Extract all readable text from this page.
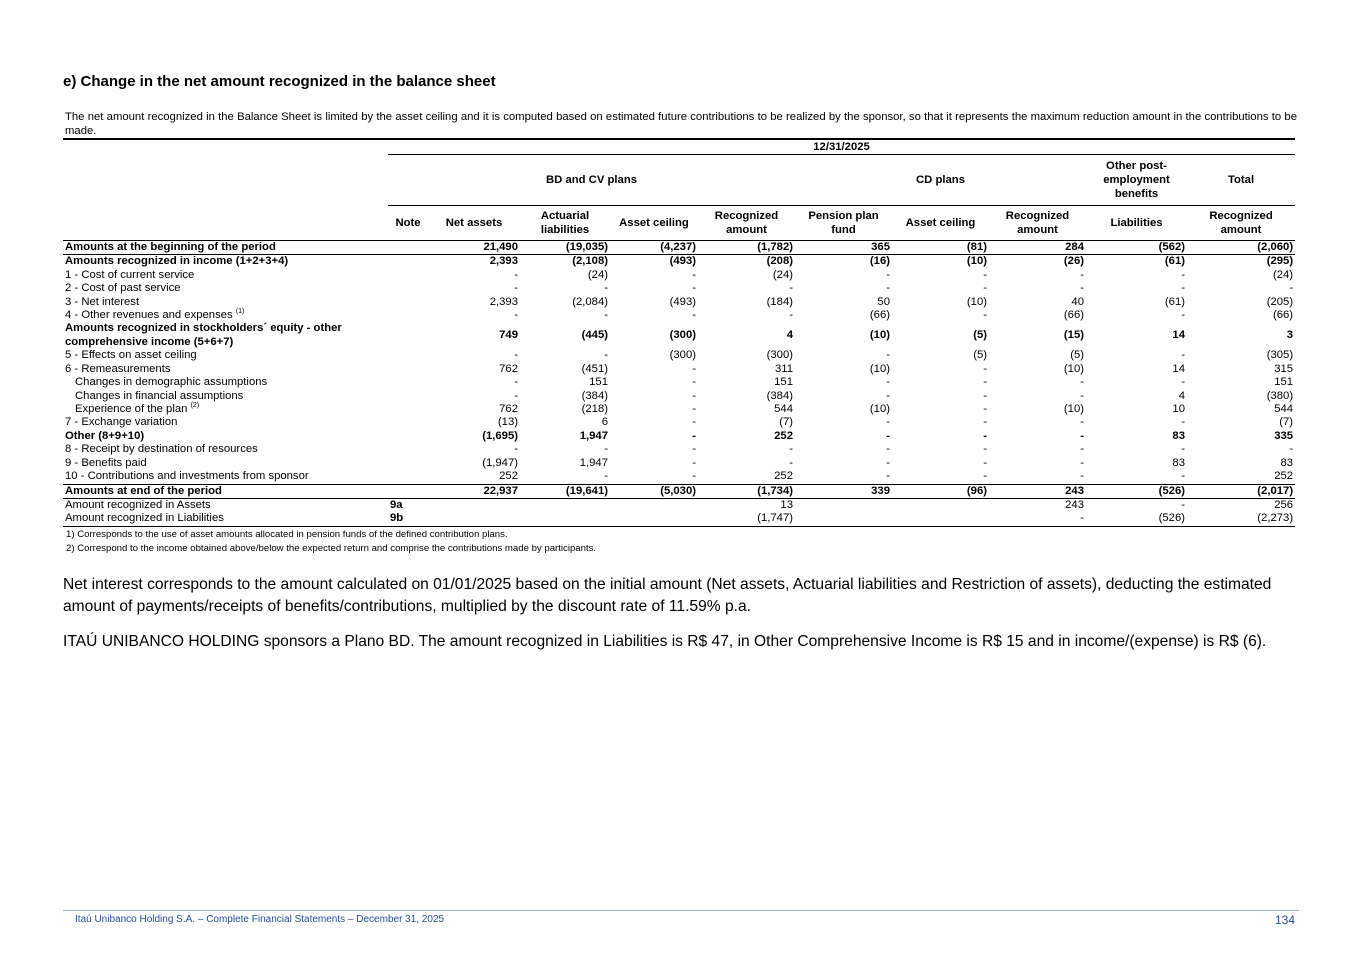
e) Change in the net amount recognized in the balance sheet
The net amount recognized in the Balance Sheet is limited by the asset ceiling and it is computed based on estimated future contributions to be realized by the sponsor, so that it represents the maximum reduction amount in the contributions to be made.
	12/31/2025									
	BD and CV plans					CD plans			Other post-employment benefits	Total
	Note	Net assets	Actuarial liabilities	Asset ceiling	Recognized amount	Pension plan fund	Asset ceiling	Recognized amount	Liabilities	Recognized amount
Amounts at the beginning of the period		21,490	(19,035)	(4,237)	(1,782)	365	(81)	284	(562)	(2,060)
Amounts recognized in income (1+2+3+4)		2,393	(2,108)	(493)	(208)	(16)	(10)	(26)	(61)	(295)
1 - Cost of current service		-	(24)	-	(24)	-	-	-	-	(24)
2 - Cost of past service		-	-	-	-	-	-	-	-	-
3 - Net interest		2,393	(2,084)	(493)	(184)	50	(10)	40	(61)	(205)
4 - Other revenues and expenses $^{(1)}$		-	-	-	-	(66)	-	(66)	-	(66)
Amounts recognized in stockholders´ equity - other comprehensive income (5+6+7)		749	(445)	(300)	4	(10)	(5)	(15)	14	3
5 - Effects on asset ceiling		-	-	(300)	(300)	-	(5)	(5)	-	(305)
6 - Remeasurements		762	(451)	-	311	(10)	-	(10)	14	315
Changes in demographic assumptions		-	151	-	151	-	-	-	-	151
Changes in financial assumptions		-	(384)	-	(384)	-	-	-	4	(380)
Experience of the plan $^{(2)}$		762	(218)	-	544	(10)	-	(10)	10	544
7 - Exchange variation		(13)	6	-	(7)	-	-	-	-	(7)
Other (8+9+10)		(1,695)	1,947	-	252	-	-	-	83	335
8 - Receipt by destination of resources		-	-	-	-	-	-	-	-	-
9 - Benefits paid		(1,947)	1,947	-	-	-	-	-	83	83
10 - Contributions and investments from sponsor		252	-	-	252	-	-	-	-	252
Amounts at end of the period		22,937	(19,641)	(5,030)	(1,734)	339	(96)	243	(526)	(2,017)
Amount recognized in Assets	9a				13			243	-	256
Amount recognized in Liabilities	9b				(1,747)			-	(526)	(2,273)
1) Corresponds to the use of asset amounts allocated in pension funds of the defined contribution plans.
2) Correspond to the income obtained above/below the expected return and comprise the contributions made by participants.
Net interest corresponds to the amount calculated on 01/01/2025 based on the initial amount (Net assets, Actuarial liabilities and Restriction of assets), deducting the estimated amount of payments/receipts of benefits/contributions, multiplied by the discount rate of 11.59% p.a.
ITAÚ UNIBANCO HOLDING sponsors a Plano BD. The amount recognized in Liabilities is R$ 47, in Other Comprehensive Income is R$ 15 and in income/(expense) is R$ (6).
Itaú Unibanco Holding S.A. – Complete Financial Statements – December 31, 2025	134
